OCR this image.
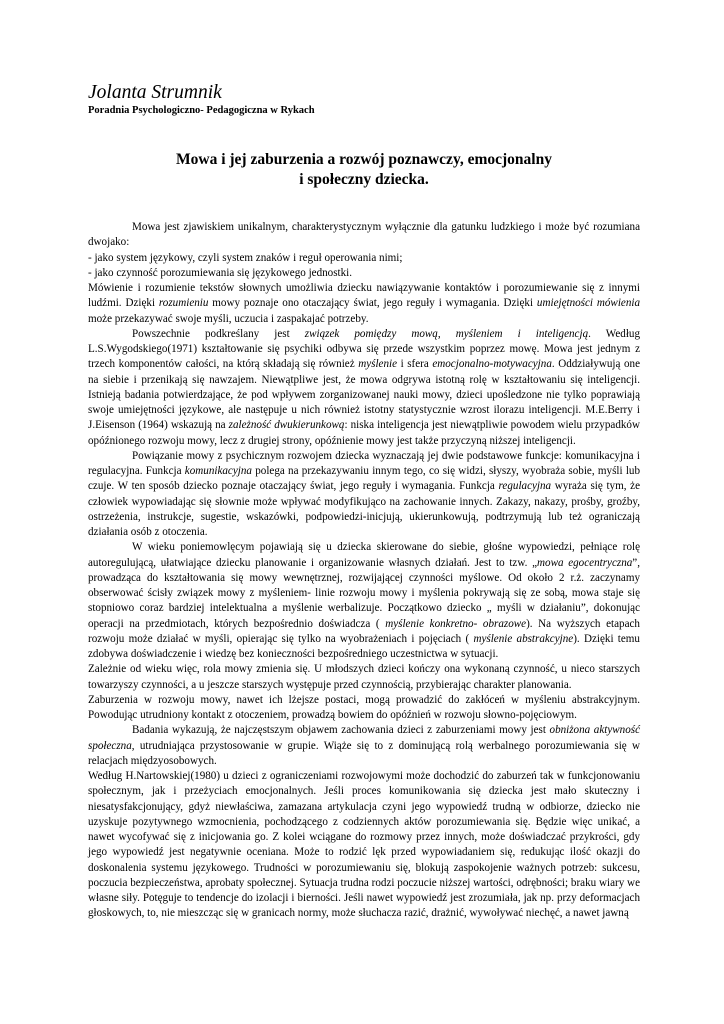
Jolanta Strumnik

Poradnia Psychologiczno- Pedagogiczna w Rykach

Mowa i jej zaburzenia a rozwój poznawczy, emocjonalny
i społeczny dziecka.

Mowa jest zjawiskiem unikalnym, charakterystycznym wyłącznie dla gatunku ludzkiego i może być rozumiana dwojako:

- jako system językowy, czyli system znaków i reguł operowania nimi;

- jako czynność porozumiewania się językowego jednostki.

Mówienie i rozumienie tekstów słownych umożliwia dziecku nawiązywanie kontaktów i porozumiewanie się z innymi ludźmi. Dzięki rozumieniu mowy poznaje ono otaczający świat, jego reguły i wymagania. Dzięki umiejętności mówienia może przekazywać swoje myśli, uczucia i zaspakajać potrzeby.

Powszechnie podkreślany jest związek pomiędzy mową, myśleniem i inteligencją. Według L.S.Wygodskiego(1971) kształtowanie się psychiki odbywa się przede wszystkim poprzez mowę. Mowa jest jednym z trzech komponentów całości, na którą składają się również myślenie i sfera emocjonalno-motywacyjna. Oddziaływują one na siebie i przenikają się nawzajem. Niewątpliwe jest, że mowa odgrywa istotną rolę w kształtowaniu się inteligencji. Istnieją badania potwierdzające, że pod wpływem zorganizowanej nauki mowy, dzieci upośledzone nie tylko poprawiają swoje umiejętności językowe, ale następuje u nich również istotny statystycznie wzrost ilorazu inteligencji. M.E.Berry i J.Eisenson (1964) wskazują na zależność dwukierunkową: niska inteligencja jest niewątpliwie powodem wielu przypadków opóźnionego rozwoju mowy, lecz z drugiej strony, opóźnienie mowy jest także przyczyną niższej inteligencji.

Powiązanie mowy z psychicznym rozwojem dziecka wyznaczają jej dwie podstawowe funkcje: komunikacyjna i regulacyjna. Funkcja komunikacyjna polega na przekazywaniu innym tego, co się widzi, słyszy, wyobraża sobie, myśli lub czuje. W ten sposób dziecko poznaje otaczający świat, jego reguły i wymagania. Funkcja regulacyjna wyraża się tym, że człowiek wypowiadając się słownie może wpływać modyfikująco na zachowanie innych. Zakazy, nakazy, prośby, groźby, ostrzeżenia, instrukcje, sugestie, wskazówki, podpowiedzi-inicjują, ukierunkowują, podtrzymują lub też ograniczają działania osób z otoczenia.

W wieku poniemowlęcym pojawiają się u dziecka skierowane do siebie, głośne wypowiedzi, pełniące rolę autoregulującą, ułatwiające dziecku planowanie i organizowanie własnych działań. Jest to tzw. „mowa egocentryczna”, prowadząca do kształtowania się mowy wewnętrznej, rozwijającej czynności myślowe. Od około 2 r.ż. zaczynamy obserwować ścisły związek mowy z myśleniem- linie rozwoju mowy i myślenia pokrywają się ze sobą, mowa staje się stopniowo coraz bardziej intelektualna a myślenie werbalizuje. Początkowo dziecko „ myśli w działaniu”, dokonując operacji na przedmiotach, których bezpośrednio doświadcza ( myślenie konkretno- obrazowe). Na wyższych etapach rozwoju może działać w myśli, opierając się tylko na wyobrażeniach i pojęciach ( myślenie abstrakcyjne). Dzięki temu zdobywa doświadczenie i wiedzę bez konieczności bezpośredniego uczestnictwa w sytuacji.

Zależnie od wieku więc, rola mowy zmienia się. U młodszych dzieci kończy ona wykonaną czynność, u nieco starszych towarzyszy czynności, a u jeszcze starszych występuje przed czynnością, przybierając charakter planowania.

Zaburzenia w rozwoju mowy, nawet ich lżejsze postaci, mogą prowadzić do zakłóceń w myśleniu abstrakcyjnym. Powodując utrudniony kontakt z otoczeniem, prowadzą bowiem do opóźnień w rozwoju słowno-pojęciowym.

Badania wykazują, że najczęstszym objawem zachowania dzieci z zaburzeniami mowy jest obniżona aktywność społeczna, utrudniająca przystosowanie w grupie. Wiąże się to z dominującą rolą werbalnego porozumiewania się w relacjach międzyosobowych.

Według H.Nartowskiej(1980) u dzieci z ograniczeniami rozwojowymi może dochodzić do zaburzeń tak w funkcjonowaniu społecznym, jak i przeżyciach emocjonalnych. Jeśli proces komunikowania się dziecka jest mało skuteczny i niesatysfakcjonujący, gdyż niewłaściwa, zamazana artykulacja czyni jego wypowiedź trudną w odbiorze, dziecko nie uzyskuje pozytywnego wzmocnienia, pochodzącego z codziennych aktów porozumiewania się. Będzie więc unikać, a nawet wycofywać się z inicjowania go. Z kolei wciągane do rozmowy przez innych, może doświadczać przykrości, gdy jego wypowiedź jest negatywnie oceniana. Może to rodzić lęk przed wypowiadaniem się, redukując ilość okazji do doskonalenia systemu językowego. Trudności w porozumiewaniu się, blokują zaspokojenie ważnych potrzeb: sukcesu, poczucia bezpieczeństwa, aprobaty społecznej. Sytuacja trudna rodzi poczucie niższej wartości, odrębności; braku wiary we własne siły. Potęguje to tendencje do izolacji i bierności. Jeśli nawet wypowiedź jest zrozumiała, jak np. przy deformacjach głoskowych, to, nie mieszcząc się w granicach normy, może słuchacza razić, drażnić, wywoływać niechęć, a nawet jawną
